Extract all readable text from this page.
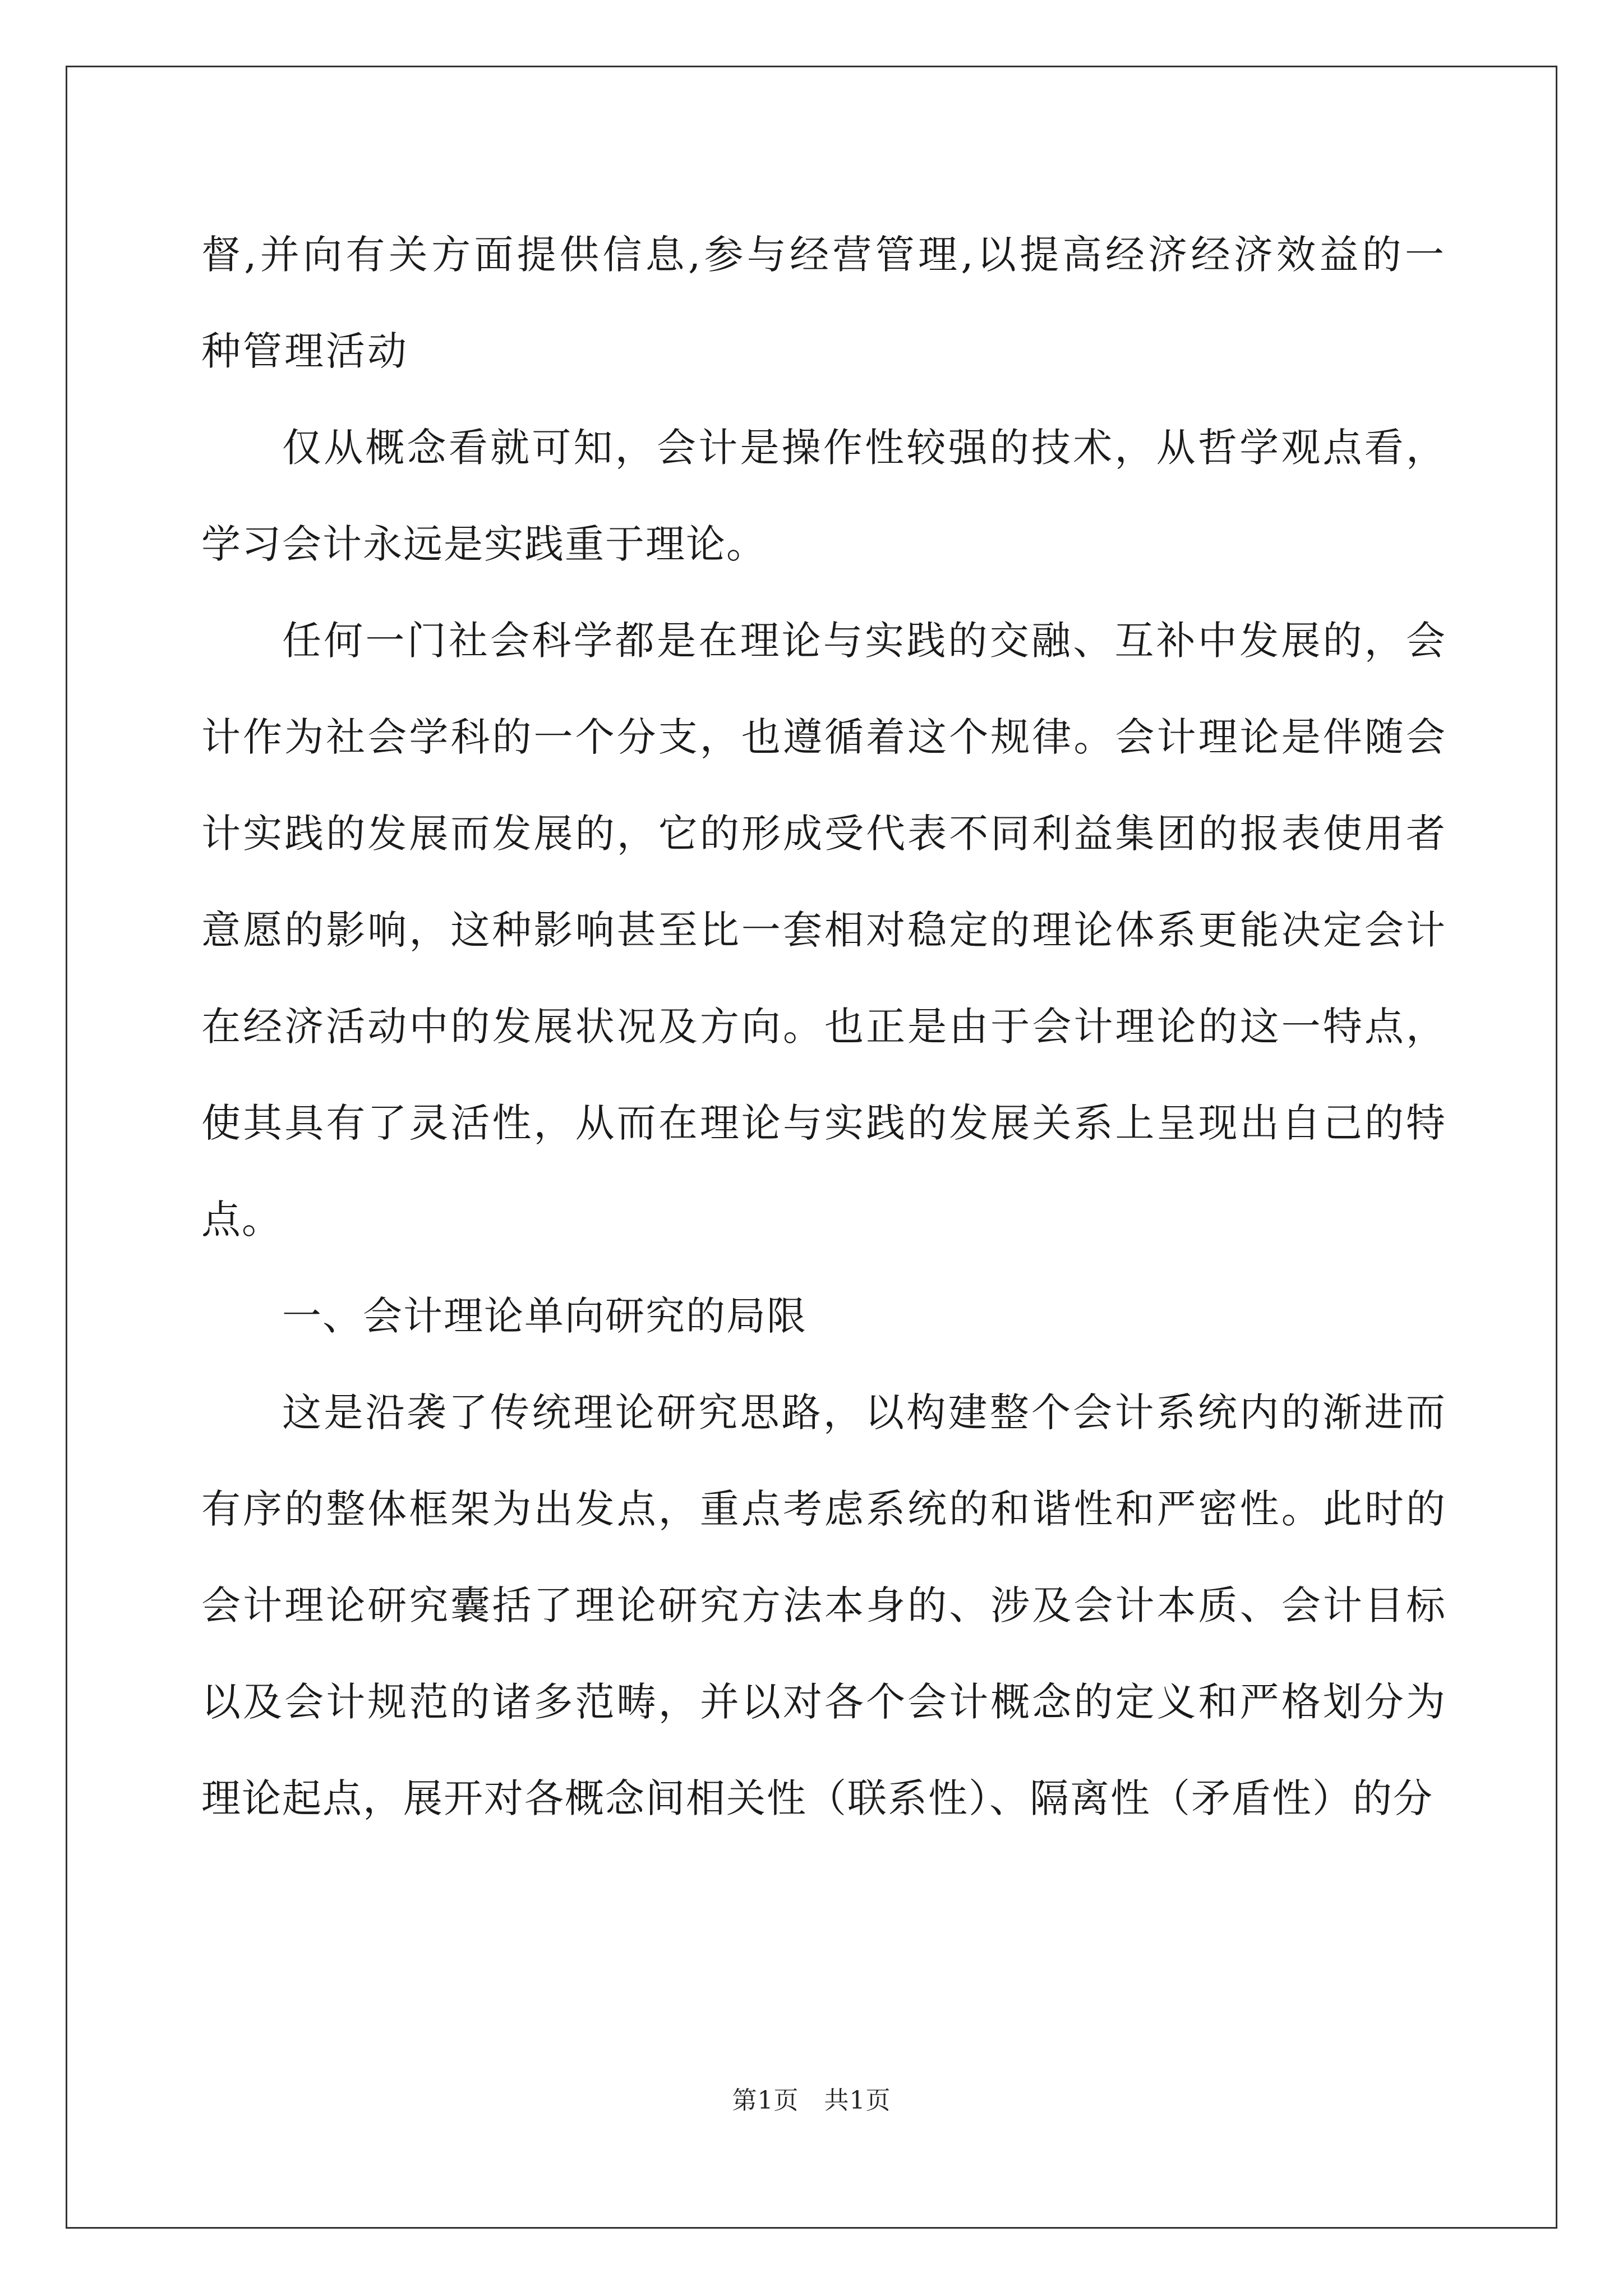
督,并向有关方面提供信息,参与经营管理,以提高经济经济效益的一种管理活动

仅从概念看就可知，会计是操作性较强的技术，从哲学观点看，学习会计永远是实践重于理论。

任何一门社会科学都是在理论与实践的交融、互补中发展的，会计作为社会学科的一个分支，也遵循着这个规律。会计理论是伴随会计实践的发展而发展的，它的形成受代表不同利益集团的报表使用者意愿的影响，这种影响甚至比一套相对稳定的理论体系更能决定会计在经济活动中的发展状况及方向。也正是由于会计理论的这一特点，使其具有了灵活性，从而在理论与实践的发展关系上呈现出自己的特点。

一、会计理论单向研究的局限

这是沿袭了传统理论研究思路，以构建整个会计系统内的渐进而有序的整体框架为出发点，重点考虑系统的和谐性和严密性。此时的会计理论研究囊括了理论研究方法本身的、涉及会计本质、会计目标以及会计规范的诸多范畴，并以对各个会计概念的定义和严格划分为理论起点，展开对各概念间相关性（联系性）、隔离性（矛盾性）的分

第1页　共1页
